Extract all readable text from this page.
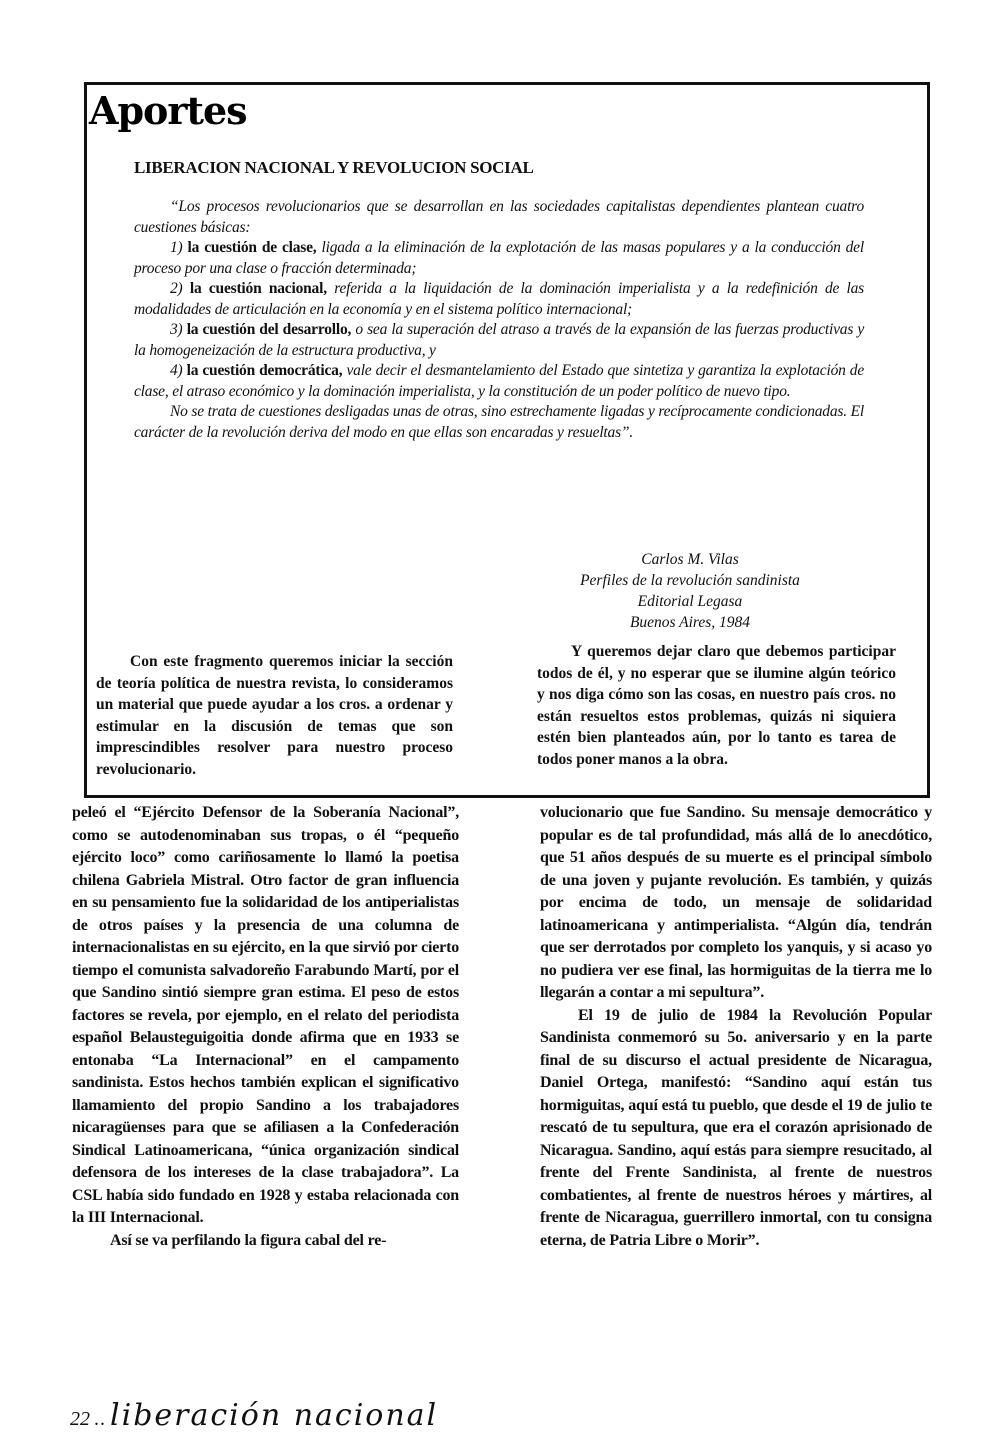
Aportes
LIBERACION NACIONAL Y REVOLUCION SOCIAL

“Los procesos revolucionarios que se desarrollan en las sociedades capitalistas dependientes plantean cuatro cuestiones básicas:

1) la cuestión de clase, ligada a la eliminación de la explotación de las masas populares y a la conducción del proceso por una clase o fracción determinada;

2) la cuestión nacional, referida a la liquidación de la dominación imperialista y a la redefinición de las modalidades de articulación en la economía y en el sistema político internacional;

3) la cuestión del desarrollo, o sea la superación del atraso a través de la expansión de las fuerzas productivas y la homogeneización de la estructura productiva, y

4) la cuestión democrática, vale decir el desmantelamiento del Estado que sintetiza y garantiza la explotación de clase, el atraso económico y la dominación imperialista, y la constitución de un poder político de nuevo tipo.

No se trata de cuestiones desligadas unas de otras, sino estrechamente ligadas y recíprocamente condicionadas. El carácter de la revolución deriva del modo en que ellas son encaradas y resueltas”.

Carlos M. Vilas
Perfiles de la revolución sandinista
Editorial Legasa
Buenos Aires, 1984

Con este fragmento queremos iniciar la sección de teoría política de nuestra revista, lo consideramos un material que puede ayudar a los cros. a ordenar y estimular en la discusión de temas que son imprescindibles resolver para nuestro proceso revolucionario.

Y queremos dejar claro que debemos participar todos de él, y no esperar que se ilumine algún teórico y nos diga cómo son las cosas, en nuestro país cros. no están resueltos estos problemas, quizás ni siquiera estén bien planteados aún, por lo tanto es tarea de todos poner manos a la obra.

peleó el “Ejército Defensor de la Soberanía Nacional”, como se autodenominaban sus tropas, o él “pequeño ejército loco” como cariñosamente lo llamó la poetisa chilena Gabriela Mistral. Otro factor de gran influencia en su pensamiento fue la solidaridad de los antiperialistas de otros países y la presencia de una columna de internacionalistas en su ejército, en la que sirvió por cierto tiempo el comunista salvadoreño Farabundo Martí, por el que Sandino sintió siempre gran estima. El peso de estos factores se revela, por ejemplo, en el relato del periodista español Belausteguigoitia donde afirma que en 1933 se entonaba “La Internacional” en el campamento sandinista. Estos hechos también explican el significativo llamamiento del propio Sandino a los trabajadores nicaragüenses para que se afiliasen a la Confederación Sindical Latinoamericana, “única organización sindical defensora de los intereses de la clase trabajadora”. La CSL había sido fundado en 1928 y estaba relacionada con la III Internacional.

Así se va perfilando la figura cabal del re-

volucionario que fue Sandino. Su mensaje democrático y popular es de tal profundidad, más allá de lo anecdótico, que 51 años después de su muerte es el principal símbolo de una joven y pujante revolución. Es también, y quizás por encima de todo, un mensaje de solidaridad latinoamericana y antimperialista. “Algún día, tendrán que ser derrotados por completo los yanquis, y si acaso yo no pudiera ver ese final, las hormiguitas de la tierra me lo llegarán a contar a mi sepultura”.

El 19 de julio de 1984 la Revolución Popular Sandinista conmemoró su 5o. aniversario y en la parte final de su discurso el actual presidente de Nicaragua, Daniel Ortega, manifestó: “Sandino aquí están tus hormiguitas, aquí está tu pueblo, que desde el 19 de julio te rescató de tu sepultura, que era el corazón aprisionado de Nicaragua. Sandino, aquí estás para siempre resucitado, al frente del Frente Sandinista, al frente de nuestros combatientes, al frente de nuestros héroes y mártires, al frente de Nicaragua, guerrillero inmortal, con tu consigna eterna, de Patria Libre o Morir”.

22 .. liberación nacional
